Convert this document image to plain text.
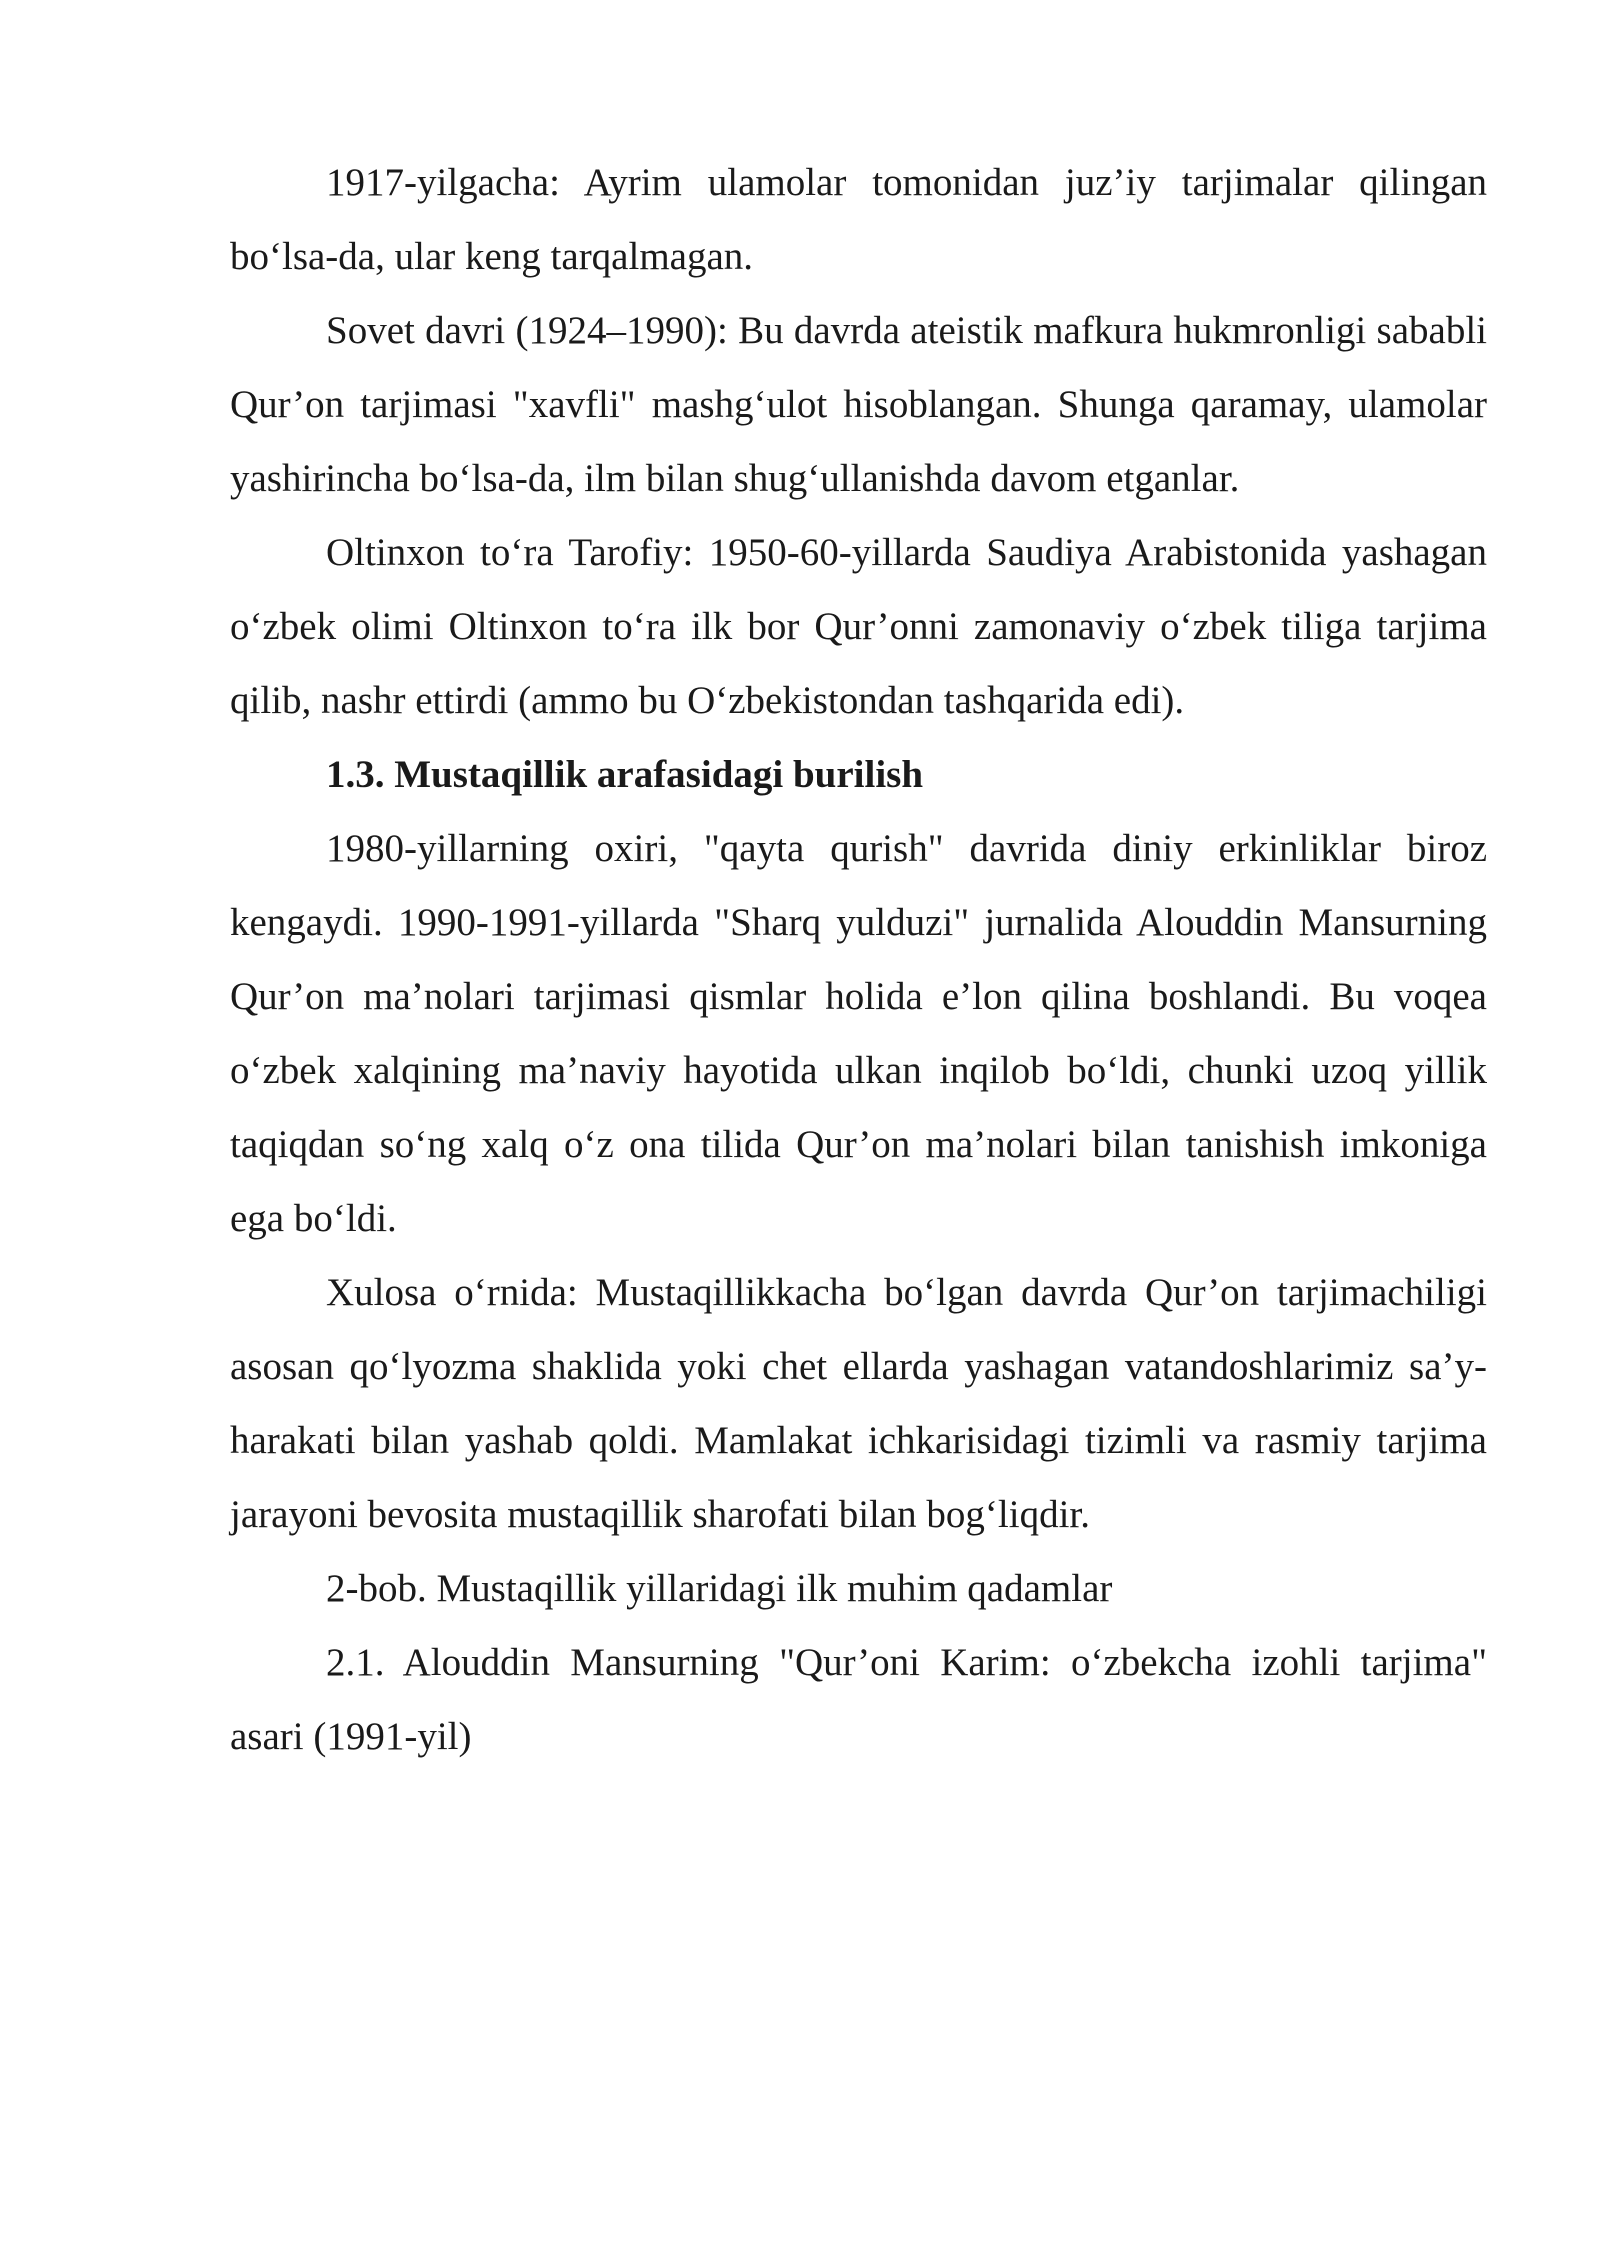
1917-yilgacha: Ayrim ulamolar tomonidan juz’iy tarjimalar qilingan bo‘lsa-da, ular keng tarqalmagan.

Sovet davri (1924–1990): Bu davrda ateistik mafkura hukmronligi sababli Qur’on tarjimasi "xavfli" mashg‘ulot hisoblangan. Shunga qaramay, ulamolar yashirincha bo‘lsa-da, ilm bilan shug‘ullanishda davom etganlar.

Oltinxon to‘ra Tarofiy: 1950-60-yillarda Saudiya Arabistonida yashagan o‘zbek olimi Oltinxon to‘ra ilk bor Qur’onni zamonaviy o‘zbek tiliga tarjima qilib, nashr ettirdi (ammo bu O‘zbekistondan tashqarida edi).

1.3. Mustaqillik arafasidagi burilish

1980-yillarning oxiri, "qayta qurish" davrida diniy erkinliklar biroz kengaydi. 1990-1991-yillarda "Sharq yulduzi" jurnalida Alouddin Mansurning Qur’on ma’nolari tarjimasi qismlar holida e’lon qilina boshlandi. Bu voqea o‘zbek xalqining ma’naviy hayotida ulkan inqilob bo‘ldi, chunki uzoq yillik taqiqdan so‘ng xalq o‘z ona tilida Qur’on ma’nolari bilan tanishish imkoniga ega bo‘ldi.

Xulosa o‘rnida: Mustaqillikkacha bo‘lgan davrda Qur’on tarjimachiligi asosan qo‘lyozma shaklida yoki chet ellarda yashagan vatandoshlarimiz sa’y-harakati bilan yashab qoldi. Mamlakat ichkarisidagi tizimli va rasmiy tarjima jarayoni bevosita mustaqillik sharofati bilan bog‘liqdir.

2-bob. Mustaqillik yillaridagi ilk muhim qadamlar

2.1. Alouddin Mansurning "Qur’oni Karim: o‘zbekcha izohli tarjima" asari (1991-yil)
